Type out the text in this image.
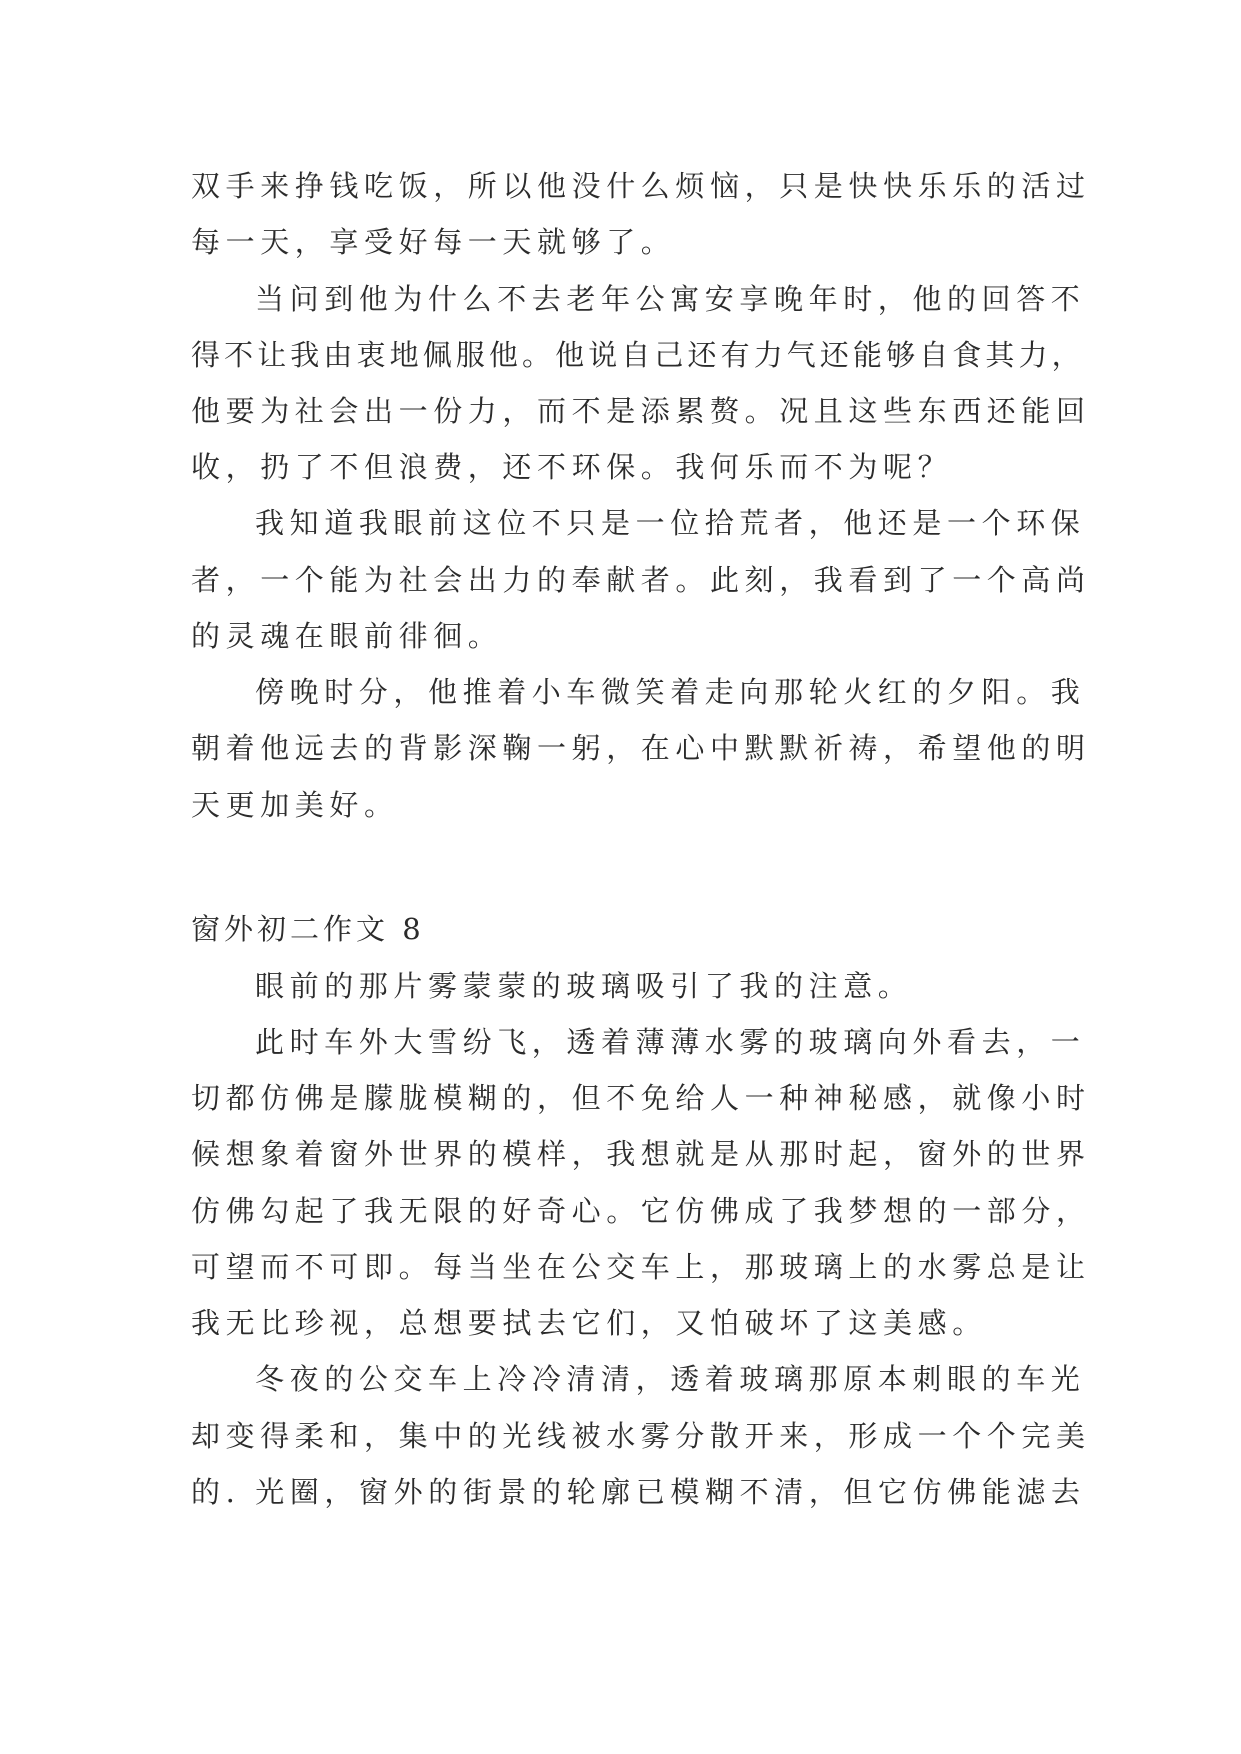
双手来挣钱吃饭，所以他没什么烦恼，只是快快乐乐的活过
每一天，享受好每一天就够了。
当问到他为什么不去老年公寓安享晚年时，他的回答不
得不让我由衷地佩服他。他说自己还有力气还能够自食其力，
他要为社会出一份力，而不是添累赘。况且这些东西还能回
收，扔了不但浪费，还不环保。我何乐而不为呢？
我知道我眼前这位不只是一位拾荒者，他还是一个环保
者，一个能为社会出力的奉献者。此刻，我看到了一个高尚
的灵魂在眼前徘徊。
傍晚时分，他推着小车微笑着走向那轮火红的夕阳。我
朝着他远去的背影深鞠一躬，在心中默默祈祷，希望他的明
天更加美好。
窗外初二作文 8
眼前的那片雾蒙蒙的玻璃吸引了我的注意。
此时车外大雪纷飞，透着薄薄水雾的玻璃向外看去，一
切都仿佛是朦胧模糊的，但不免给人一种神秘感，就像小时
候想象着窗外世界的模样，我想就是从那时起，窗外的世界
仿佛勾起了我无限的好奇心。它仿佛成了我梦想的一部分，
可望而不可即。每当坐在公交车上，那玻璃上的水雾总是让
我无比珍视，总想要拭去它们，又怕破坏了这美感。
冬夜的公交车上冷冷清清，透着玻璃那原本刺眼的车光
却变得柔和，集中的光线被水雾分散开来，形成一个个完美
的. 光圈，窗外的街景的轮廓已模糊不清，但它仿佛能滤去
